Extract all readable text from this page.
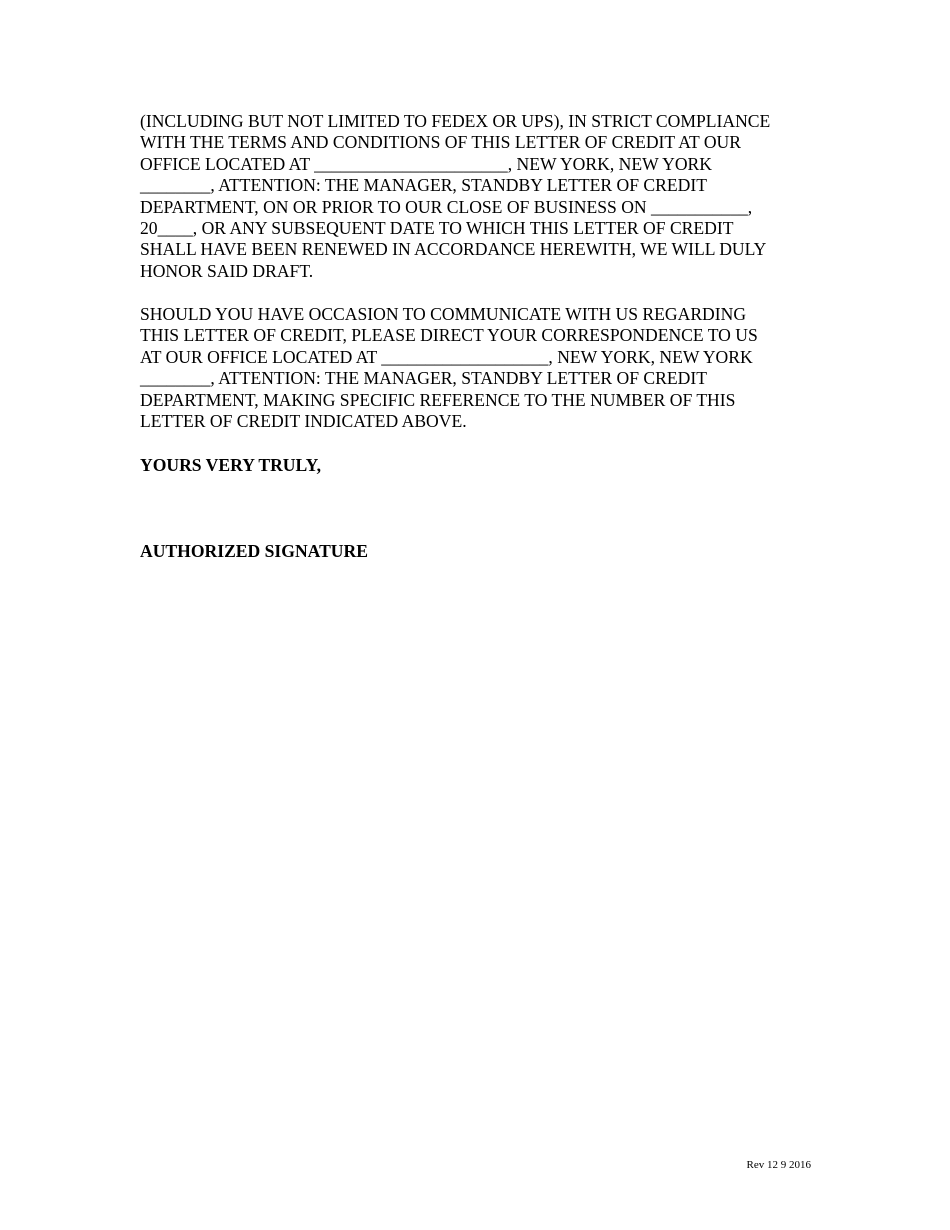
(INCLUDING BUT NOT LIMITED TO FEDEX OR UPS), IN STRICT COMPLIANCE
WITH THE TERMS AND CONDITIONS OF THIS LETTER OF CREDIT AT OUR
OFFICE LOCATED AT ______________________, NEW YORK, NEW YORK
________, ATTENTION: THE MANAGER, STANDBY LETTER OF CREDIT
DEPARTMENT, ON OR PRIOR TO OUR CLOSE OF BUSINESS ON ___________,
20____, OR ANY SUBSEQUENT DATE TO WHICH THIS LETTER OF CREDIT
SHALL HAVE BEEN RENEWED IN ACCORDANCE HEREWITH, WE WILL DULY
HONOR SAID DRAFT.

SHOULD YOU HAVE OCCASION TO COMMUNICATE WITH US REGARDING
THIS LETTER OF CREDIT, PLEASE DIRECT YOUR CORRESPONDENCE TO US
AT OUR OFFICE LOCATED AT ___________________, NEW YORK, NEW YORK
________, ATTENTION: THE MANAGER, STANDBY LETTER OF CREDIT
DEPARTMENT, MAKING SPECIFIC REFERENCE TO THE NUMBER OF THIS
LETTER OF CREDIT INDICATED ABOVE.

YOURS VERY TRULY,

AUTHORIZED SIGNATURE

Rev 12 9 2016
